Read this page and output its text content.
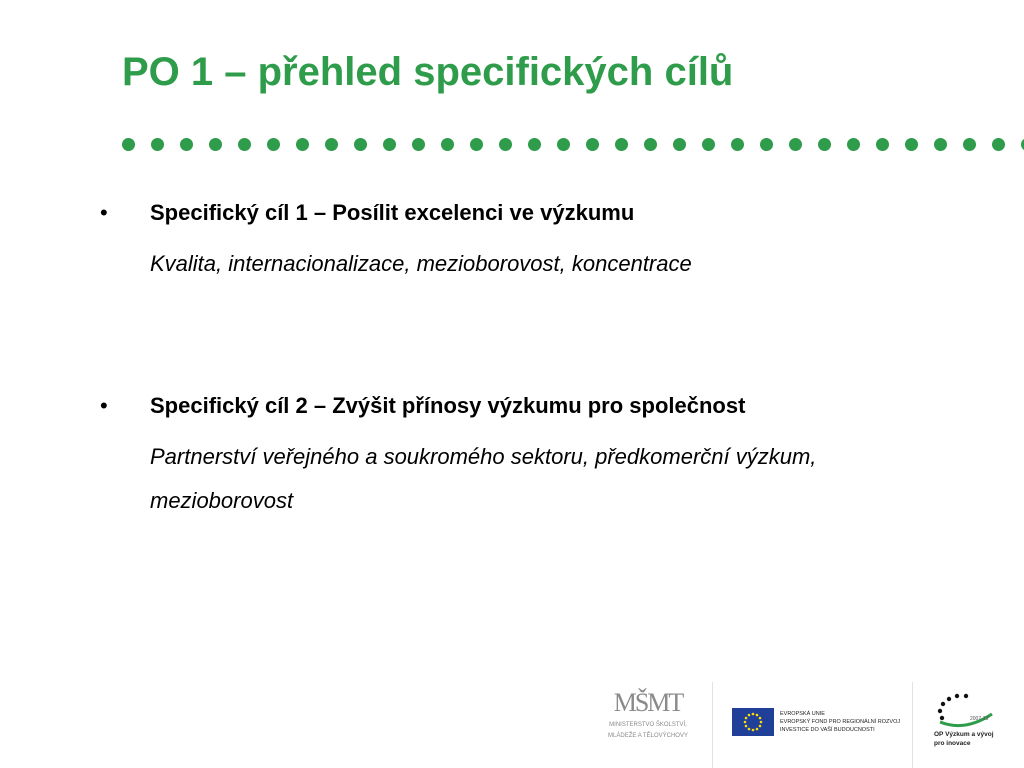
PO 1 – přehled specifických cílů
• Specifický cíl 1 – Posílit excelenci ve výzkumu
Kvalita, internacionalizace, mezioborovost, koncentrace
• Specifický cíl 2 – Zvýšit přínosy výzkumu pro společnost
Partnerství veřejného a soukromého sektoru, předkomerční výzkum, mezioborovost
MŠMT
MINISTERSTVO ŠKOLSTVÍ,
MLÁDEŽE A TĚLOVÝCHOVY
EVROPSKÁ UNIE
EVROPSKÝ FOND PRO REGIONÁLNÍ ROZVOJ
INVESTICE DO VAŠÍ BUDOUCNOSTI
2007-13
OP Výzkum a vývoj
pro inovace
